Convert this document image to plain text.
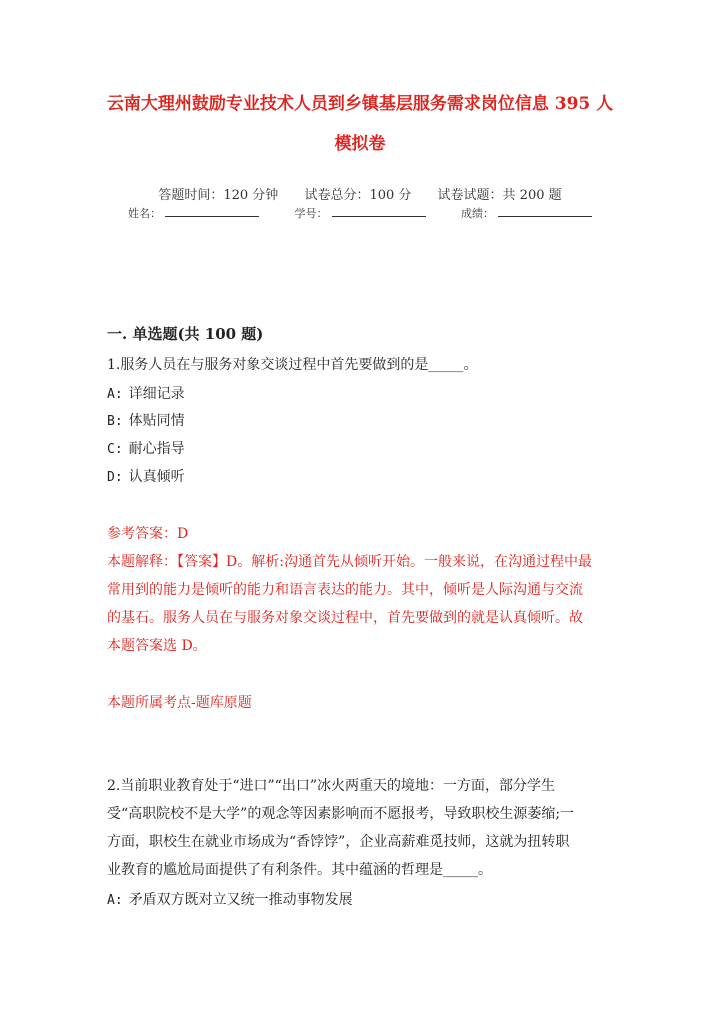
云南大理州鼓励专业技术人员到乡镇基层服务需求岗位信息 395 人
模拟卷
答题时间：120 分钟 试卷总分：100 分 试卷试题：共 200 题
姓名：	学号：	成绩：
一. 单选题(共 100 题)
1.服务人员在与服务对象交谈过程中首先要做到的是_____。
A: 详细记录
B: 体贴同情
C: 耐心指导
D: 认真倾听
参考答案：D
本题解释：【答案】D。解析:沟通首先从倾听开始。一般来说，在沟通过程中最
常用到的能力是倾听的能力和语言表达的能力。其中，倾听是人际沟通与交流
的基石。服务人员在与服务对象交谈过程中，首先要做到的就是认真倾听。故
本题答案选 D。
本题所属考点-题库原题
2.当前职业教育处于“进口”“出口”冰火两重天的境地：一方面，部分学生
受“高职院校不是大学”的观念等因素影响而不愿报考，导致职校生源萎缩;一
方面，职校生在就业市场成为“香饽饽”，企业高薪难觅技师，这就为扭转职
业教育的尴尬局面提供了有利条件。其中蕴涵的哲理是_____。
A: 矛盾双方既对立又统一推动事物发展
